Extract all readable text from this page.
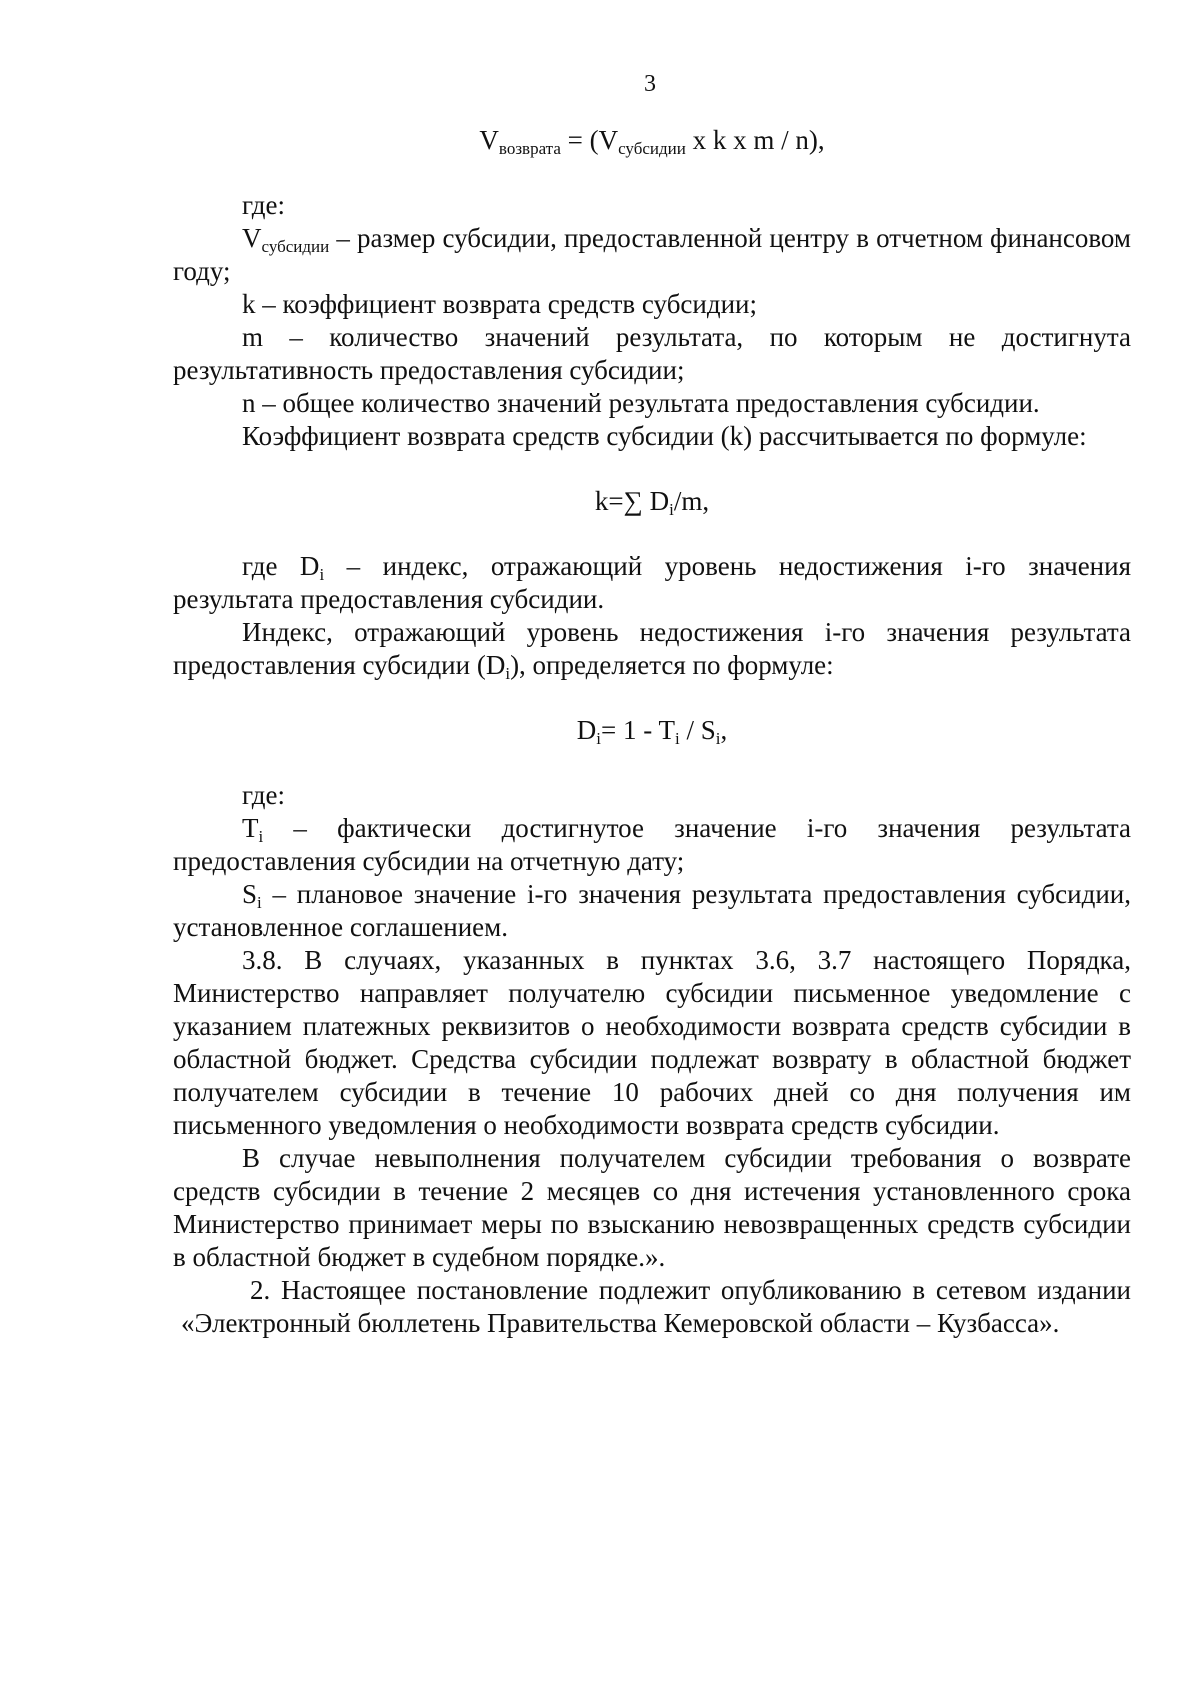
3
$V_{возврата} = (V_{субсидии}$ x k x m / n),

где:

$V_{субсидии}$ – размер субсидии, предоставленной центру в отчетном финансовом году;

k – коэффициент возврата средств субсидии;

m – количество значений результата, по которым не достигнута результативность предоставления субсидии;

n – общее количество значений результата предоставления субсидии.

Коэффициент возврата средств субсидии (k) рассчитывается по формуле:

k=∑ $D_i/m$,

где $D_i$ – индекс, отражающий уровень недостижения i-го значения результата предоставления субсидии.

Индекс, отражающий уровень недостижения i-го значения результата предоставления субсидии $(D_i)$, определяется по формуле:

$D_i= 1 - T_i / S_i$,

где:

$T_i$ – фактически достигнутое значение i-го значения результата предоставления субсидии на отчетную дату;

$S_i$ – плановое значение i-го значения результата предоставления субсидии, установленное соглашением.

3.8. В случаях, указанных в пунктах 3.6, 3.7 настоящего Порядка, Министерство направляет получателю субсидии письменное уведомление с указанием платежных реквизитов о необходимости возврата средств субсидии в областной бюджет. Средства субсидии подлежат возврату в областной бюджет получателем субсидии в течение 10 рабочих дней со дня получения им письменного уведомления о необходимости возврата средств субсидии.

В случае невыполнения получателем субсидии требования о возврате средств субсидии в течение 2 месяцев со дня истечения установленного срока Министерство принимает меры по взысканию невозвращенных средств субсидии в областной бюджет в судебном порядке.».

2. Настоящее постановление подлежит опубликованию в сетевом издании «Электронный бюллетень Правительства Кемеровской области – Кузбасса».
